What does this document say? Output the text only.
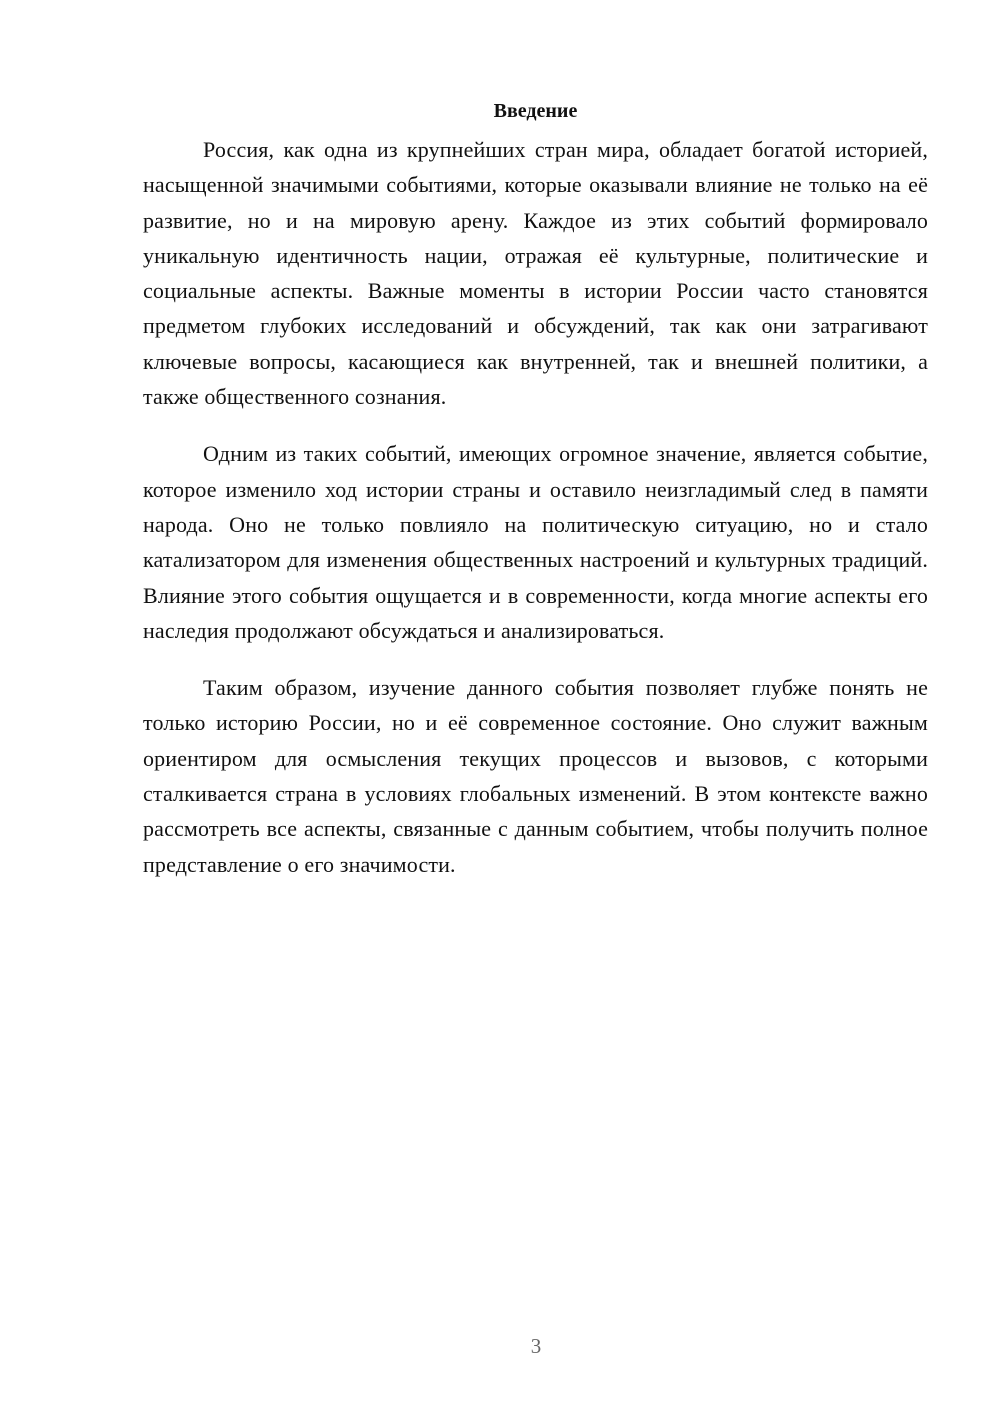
Введение

Россия, как одна из крупнейших стран мира, обладает богатой историей, насыщенной значимыми событиями, которые оказывали влияние не только на её развитие, но и на мировую арену. Каждое из этих событий формировало уникальную идентичность нации, отражая её культурные, политические и социальные аспекты. Важные моменты в истории России часто становятся предметом глубоких исследований и обсуждений, так как они затрагивают ключевые вопросы, касающиеся как внутренней, так и внешней политики, а также общественного сознания.

Одним из таких событий, имеющих огромное значение, является событие, которое изменило ход истории страны и оставило неизгладимый след в памяти народа. Оно не только повлияло на политическую ситуацию, но и стало катализатором для изменения общественных настроений и культурных традиций. Влияние этого события ощущается и в современности, когда многие аспекты его наследия продолжают обсуждаться и анализироваться.

Таким образом, изучение данного события позволяет глубже понять не только историю России, но и её современное состояние. Оно служит важным ориентиром для осмысления текущих процессов и вызовов, с которыми сталкивается страна в условиях глобальных изменений. В этом контексте важно рассмотреть все аспекты, связанные с данным событием, чтобы получить полное представление о его значимости.

3
